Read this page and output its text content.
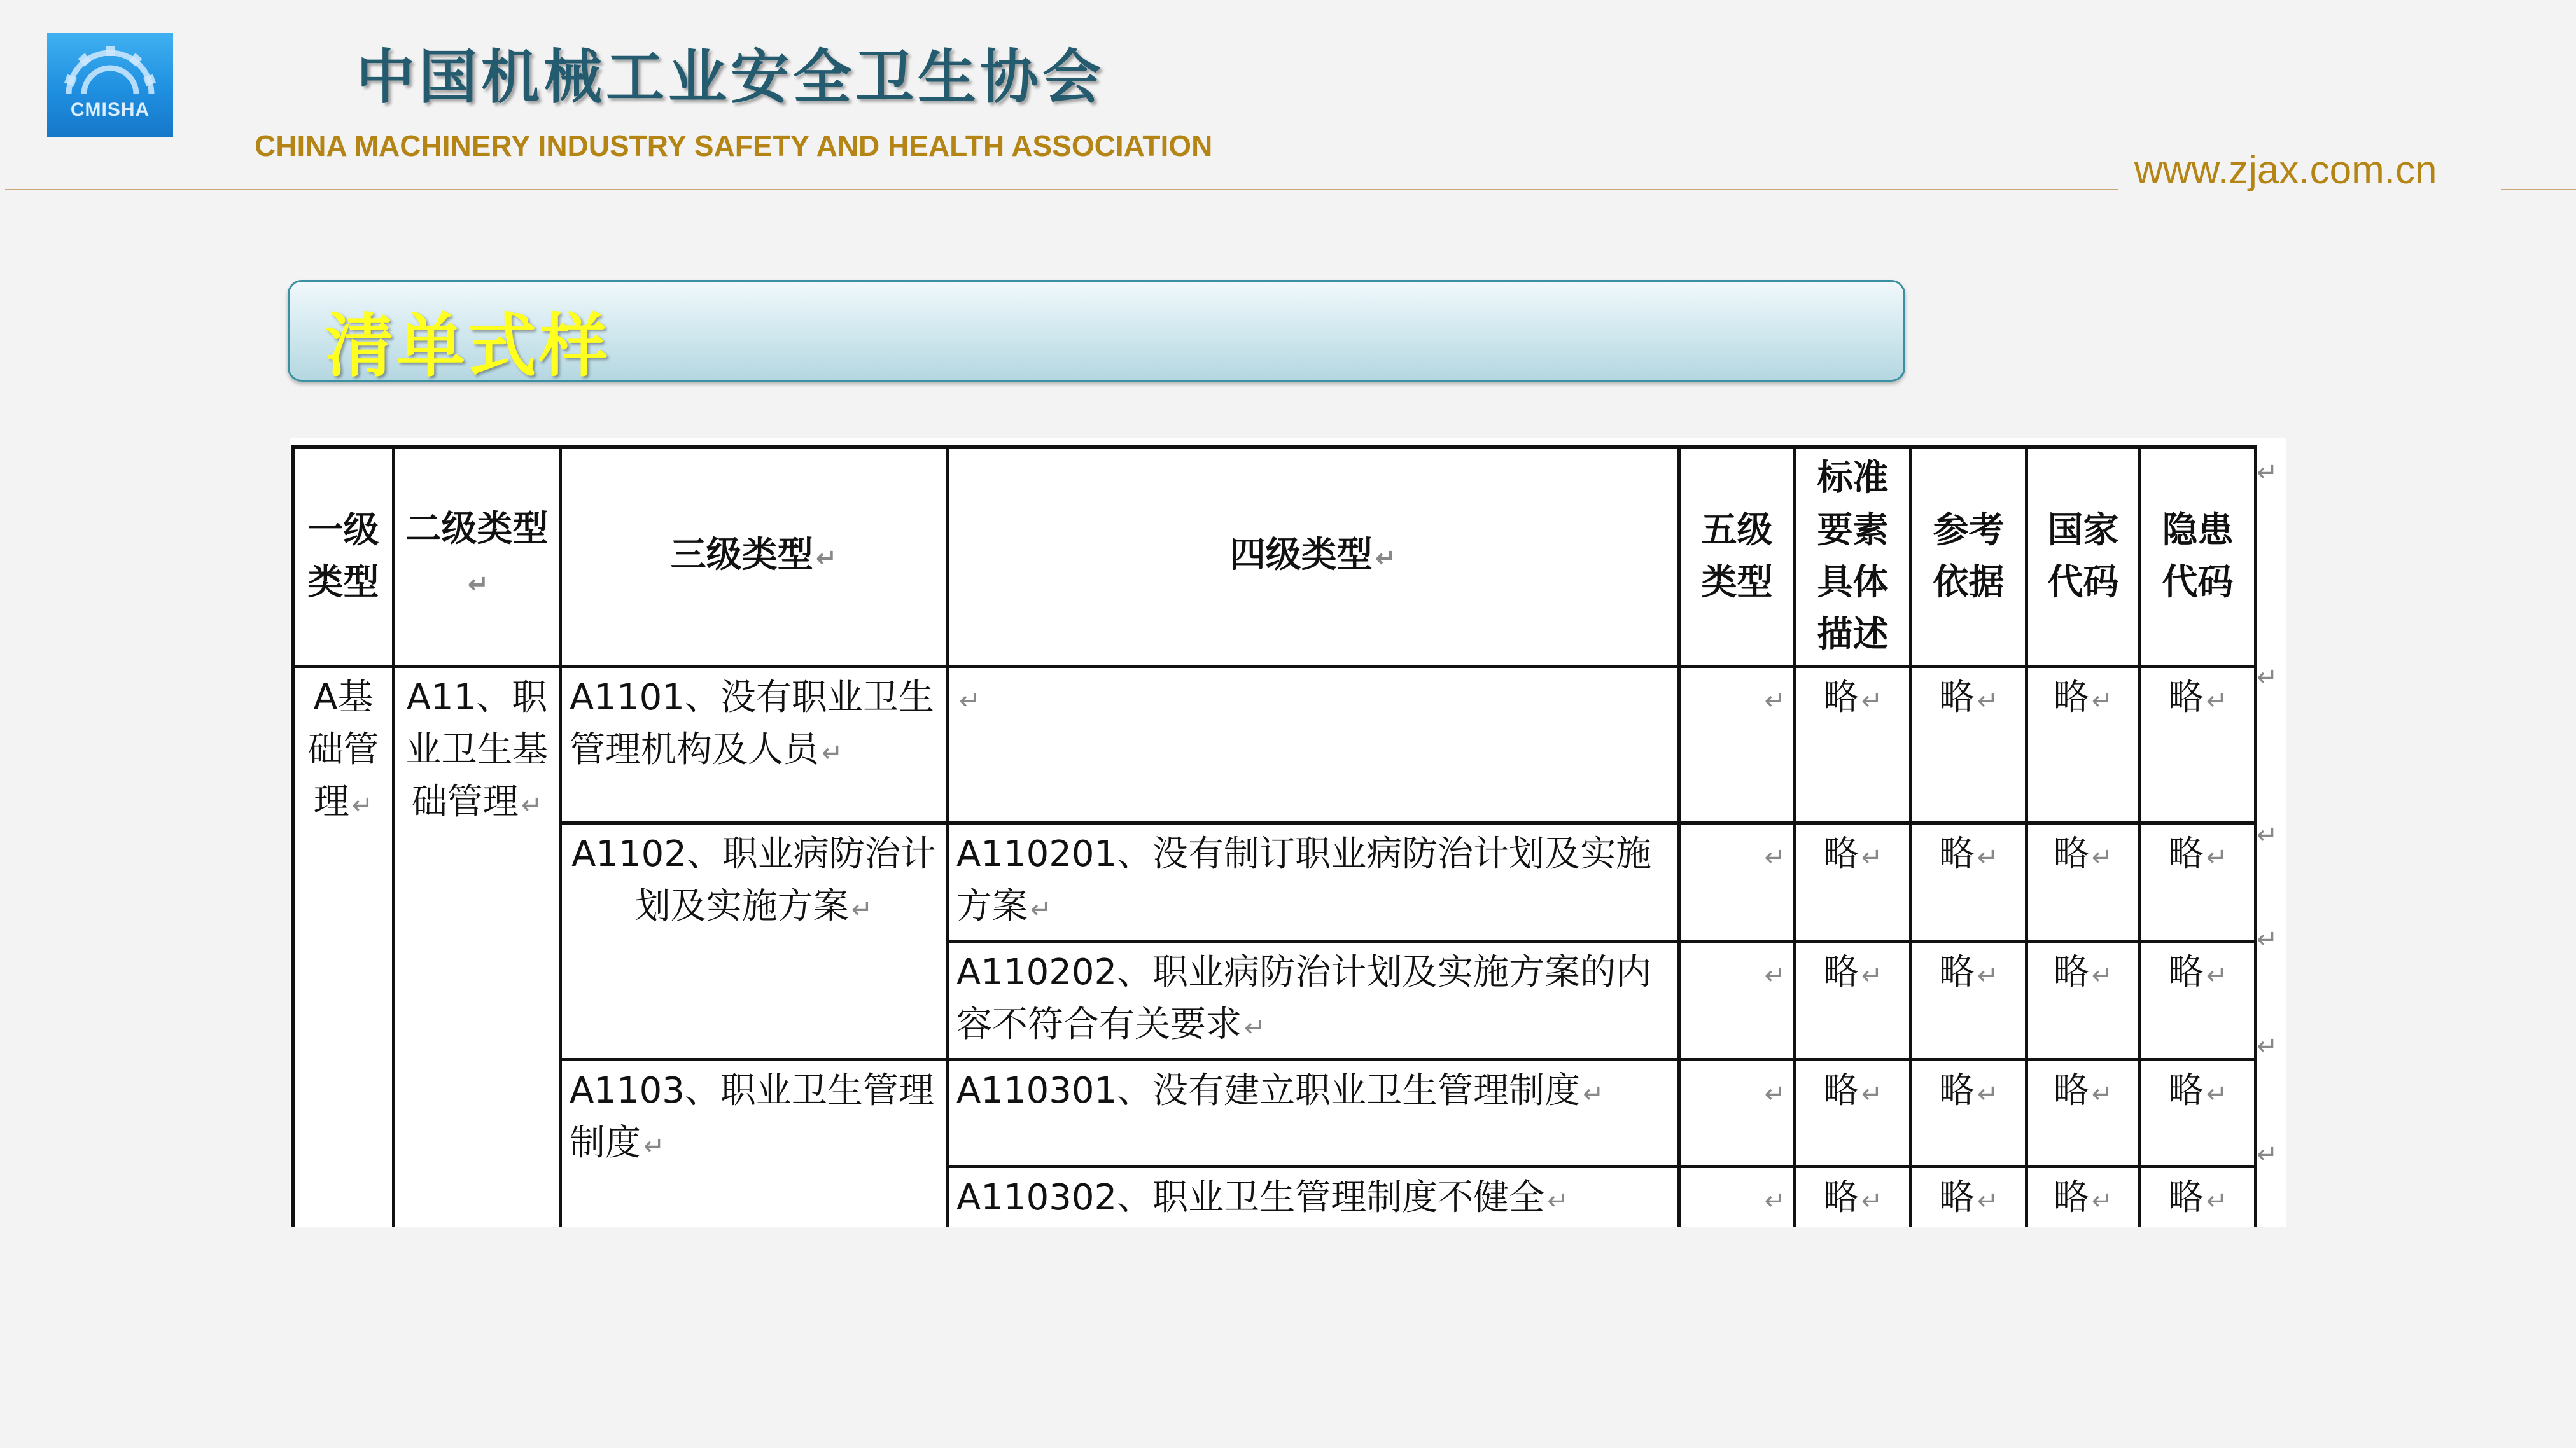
CMISHA	中国机械工业安全卫生协会
CHINA MACHINERY INDUSTRY SAFETY AND HEALTH ASSOCIATION
www.zjax.com.cn
清单式样
一级类型	二级类型↵	三级类型 ↵	四级类型 ↵	五级类型	标准要素具体描述	参考依据	国家代码	隐患代码
A基础管理 ↵	A11、职业卫生基础管理 ↵	A1101、没有职业卫生管理机构及人员 ↵	↵	↵	略 ↵	略 ↵	略 ↵	略 ↵
		A1102、职业病防治计划及实施方案 ↵	A110201、没有制订职业病防治计划及实施方案 ↵	↵	略 ↵	略 ↵	略 ↵	略 ↵
			A110202、职业病防治计划及实施方案的内容不符合有关要求 ↵	↵	略 ↵	略 ↵	略 ↵	略 ↵
		A1103、职业卫生管理制度 ↵	A110301、没有建立职业卫生管理制度 ↵	↵	略 ↵	略 ↵	略 ↵	略 ↵
			A110302、职业卫生管理制度不健全 ↵	↵	略 ↵	略 ↵	略 ↵	略 ↵

↵
↵
↵
↵
↵
↵
